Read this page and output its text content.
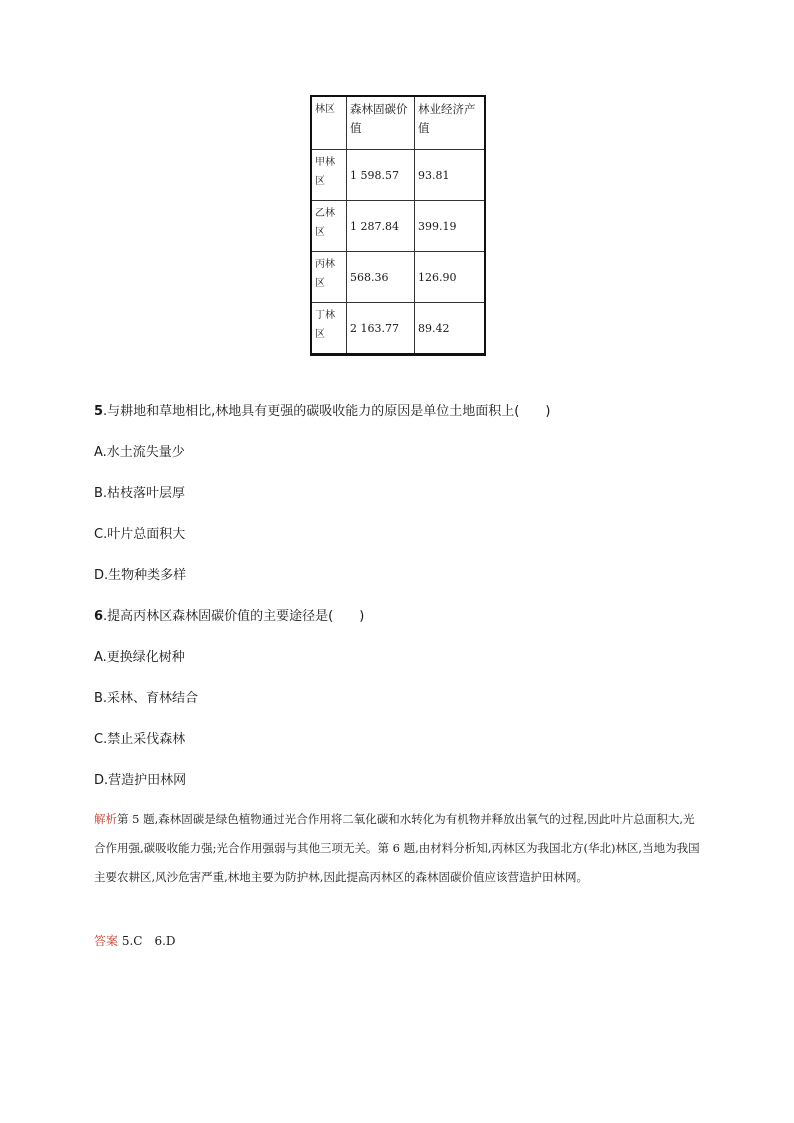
林区	森林固碳价值	林业经济产值
甲林区	1 598.57	93.81
乙林区	1 287.84	399.19
丙林区	568.36	126.90
丁林区	2 163.77	89.42
5.与耕地和草地相比,林地具有更强的碳吸收能力的原因是单位土地面积上(　　)
A.水土流失量少
B.枯枝落叶层厚
C.叶片总面积大
D.生物种类多样
6.提高丙林区森林固碳价值的主要途径是(　　)
A.更换绿化树种
B.采林、育林结合
C.禁止采伐森林
D.营造护田林网
解析第 5 题,森林固碳是绿色植物通过光合作用将二氧化碳和水转化为有机物并释放出氧气的过程,因此叶片总面积大,光合作用强,碳吸收能力强;光合作用强弱与其他三项无关。第 6 题,由材料分析知,丙林区为我国北方(华北)林区,当地为我国主要农耕区,风沙危害严重,林地主要为防护林,因此提高丙林区的森林固碳价值应该营造护田林网。
答案 5.C　6.D
